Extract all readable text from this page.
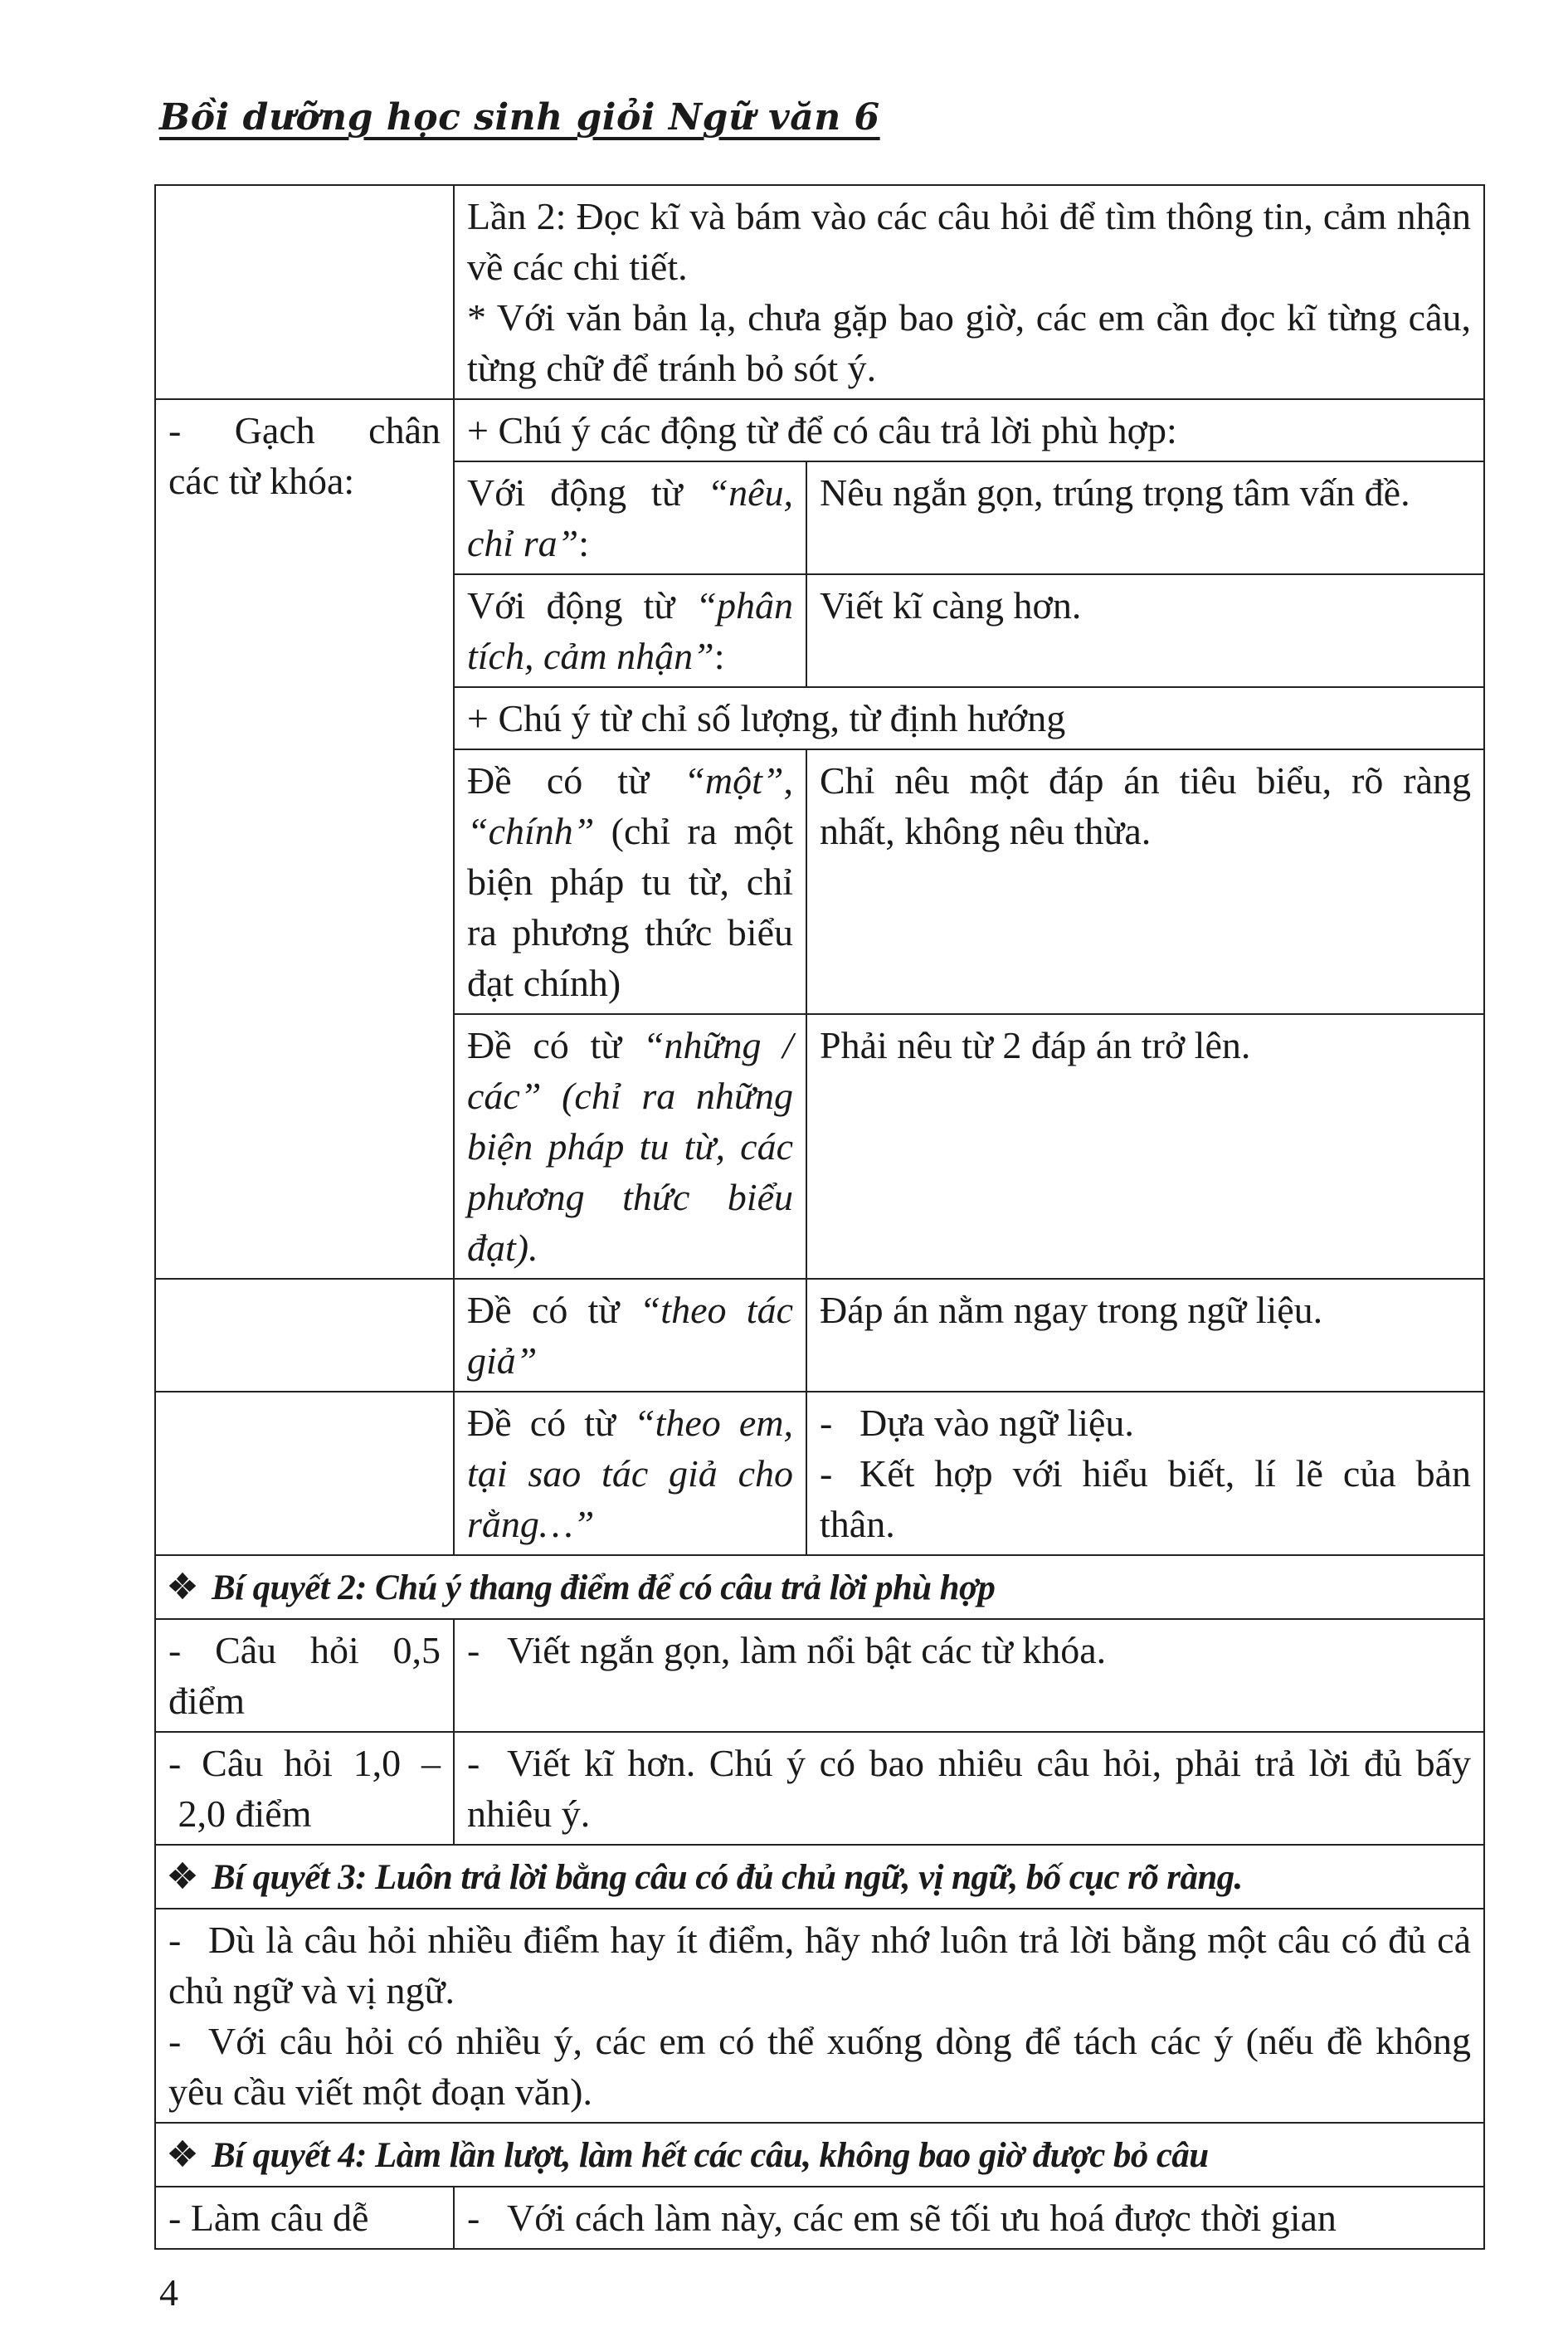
Bồi dưỡng học sinh giỏi Ngữ văn 6

	Lần 2: Đọc kĩ và bám vào các câu hỏi để tìm thông tin, cảm nhận về các chi tiết.

* Với văn bản lạ, chưa gặp bao giờ, các em cần đọc kĩ từng câu, từng chữ để tránh bỏ sót ý.	

- Gạch chân các từ khóa:	+ Chú ý các động từ để có câu trả lời phù hợp:	

	Với động từ “nêu, chỉ ra”:	Nêu ngắn gọn, trúng trọng tâm vấn đề.

	Với động từ “phân tích, cảm nhận”:	Viết kĩ càng hơn.

	+ Chú ý từ chỉ số lượng, từ định hướng	

	Đề có từ “một”, “chính” (chỉ ra một biện pháp tu từ, chỉ ra phương thức biểu đạt chính)	Chỉ nêu một đáp án tiêu biểu, rõ ràng nhất, không nêu thừa.

	Đề có từ “những / các” (chỉ ra những biện pháp tu từ, các phương thức biểu đạt).	Phải nêu từ 2 đáp án trở lên.

	Đề có từ “theo tác giả”	Đáp án nằm ngay trong ngữ liệu.

	Đề có từ “theo em, tại sao tác giả cho rằng…”	- Dựa vào ngữ liệu.

- Kết hợp với hiểu biết, lí lẽ của bản thân.

Bí quyết 2: Chú ý thang điểm để có câu trả lời phù hợp		

- Câu hỏi 0,5 điểm	- Viết ngắn gọn, làm nổi bật các từ khóa.	

- Câu hỏi 1,0 – 2,0 điểm	- Viết kĩ hơn. Chú ý có bao nhiêu câu hỏi, phải trả lời đủ bấy nhiêu ý.	

Bí quyết 3: Luôn trả lời bằng câu có đủ chủ ngữ, vị ngữ, bố cục rõ ràng.		

- Dù là câu hỏi nhiều điểm hay ít điểm, hãy nhớ luôn trả lời bằng một câu có đủ cả chủ ngữ và vị ngữ.

- Với câu hỏi có nhiều ý, các em có thể xuống dòng để tách các ý (nếu đề không yêu cầu viết một đoạn văn).		

Bí quyết 4: Làm lần lượt, làm hết các câu, không bao giờ được bỏ câu		

- Làm câu dễ	- Với cách làm này, các em sẽ tối ưu hoá được thời gian	

4
